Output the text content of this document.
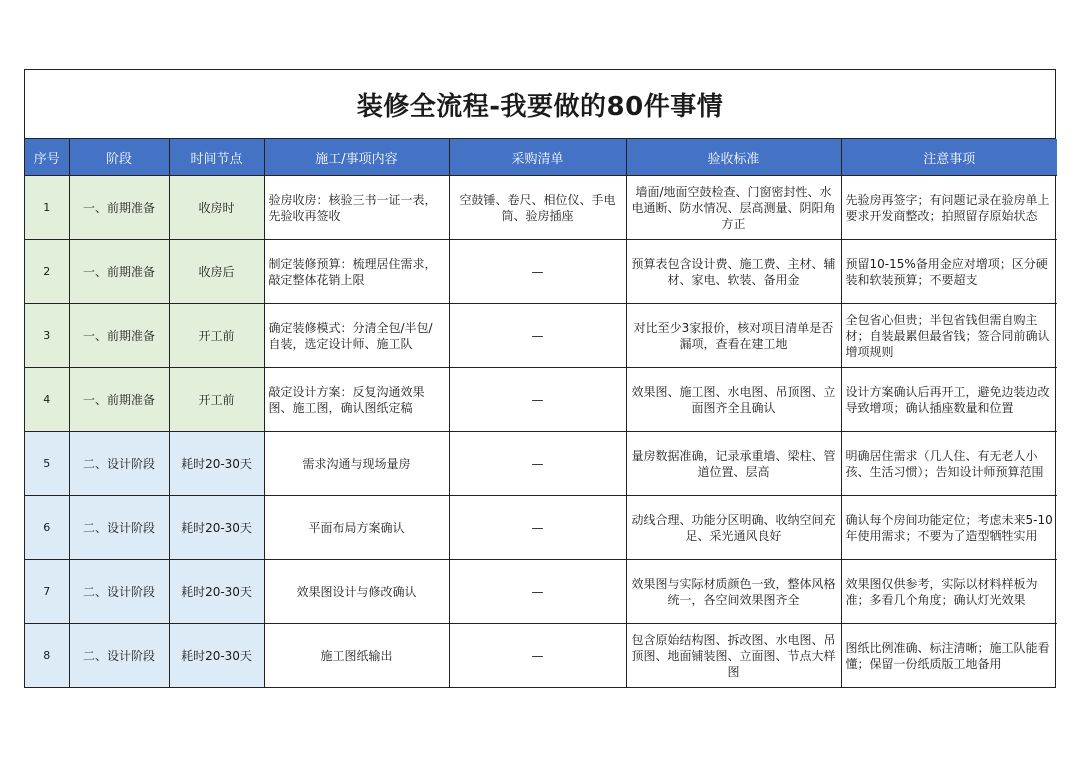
装修全流程-我要做的80件事情
序号	阶段	时间节点	施工/事项内容	采购清单	验收标准	注意事项
1	一、前期准备	收房时	验房收房：核验三书一证一表，先验收再签收	空鼓锤、卷尺、相位仪、手电筒、验房插座	墙面/地面空鼓检查、门窗密封性、水电通断、防水情况、层高测量、阴阳角方正	先验房再签字；有问题记录在验房单上要求开发商整改；拍照留存原始状态
2	一、前期准备	收房后	制定装修预算：梳理居住需求，敲定整体花销上限	—	预算表包含设计费、施工费、主材、辅材、家电、软装、备用金	预留10-15%备用金应对增项；区分硬装和软装预算；不要超支
3	一、前期准备	开工前	确定装修模式：分清全包/半包/自装，选定设计师、施工队	—	对比至少3家报价，核对项目清单是否漏项，查看在建工地	全包省心但贵；半包省钱但需自购主材；自装最累但最省钱；签合同前确认增项规则
4	一、前期准备	开工前	敲定设计方案：反复沟通效果图、施工图，确认图纸定稿	—	效果图、施工图、水电图、吊顶图、立面图齐全且确认	设计方案确认后再开工，避免边装边改导致增项；确认插座数量和位置
5	二、设计阶段	耗时20-30天	需求沟通与现场量房	—	量房数据准确，记录承重墙、梁柱、管道位置、层高	明确居住需求（几人住、有无老人小孩、生活习惯）；告知设计师预算范围
6	二、设计阶段	耗时20-30天	平面布局方案确认	—	动线合理、功能分区明确、收纳空间充足、采光通风良好	确认每个房间功能定位；考虑未来5-10年使用需求；不要为了造型牺牲实用
7	二、设计阶段	耗时20-30天	效果图设计与修改确认	—	效果图与实际材质颜色一致，整体风格统一，各空间效果图齐全	效果图仅供参考，实际以材料样板为准；多看几个角度；确认灯光效果
8	二、设计阶段	耗时20-30天	施工图纸输出	—	包含原始结构图、拆改图、水电图、吊顶图、地面铺装图、立面图、节点大样图	图纸比例准确、标注清晰；施工队能看懂；保留一份纸质版工地备用
